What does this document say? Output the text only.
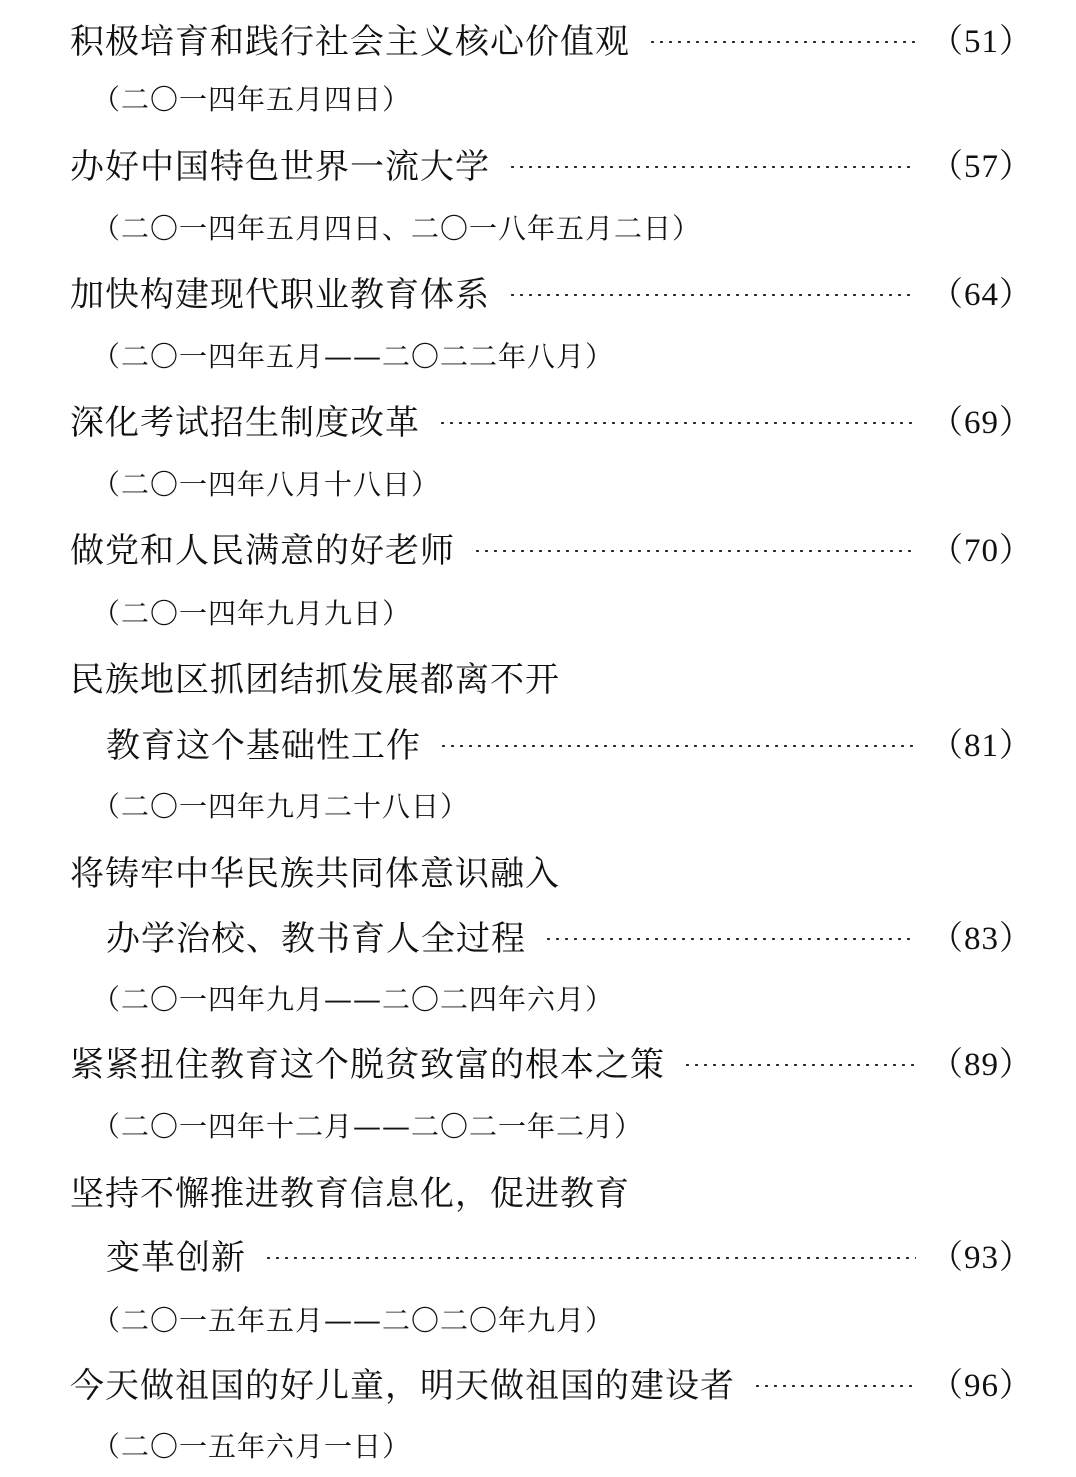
积极培育和践行社会主义核心价值观	（51）
（二〇一四年五月四日）
办好中国特色世界一流大学	（57）
（二〇一四年五月四日、二〇一八年五月二日）
加快构建现代职业教育体系	（64）
（二〇一四年五月——二〇二二年八月）
深化考试招生制度改革	（69）
（二〇一四年八月十八日）
做党和人民满意的好老师	（70）
（二〇一四年九月九日）
民族地区抓团结抓发展都离不开
教育这个基础性工作	（81）
（二〇一四年九月二十八日）
将铸牢中华民族共同体意识融入
办学治校、教书育人全过程	（83）
（二〇一四年九月——二〇二四年六月）
紧紧扭住教育这个脱贫致富的根本之策	（89）
（二〇一四年十二月——二〇二一年二月）
坚持不懈推进教育信息化，促进教育
变革创新	（93）
（二〇一五年五月——二〇二〇年九月）
今天做祖国的好儿童，明天做祖国的建设者	（96）
（二〇一五年六月一日）
